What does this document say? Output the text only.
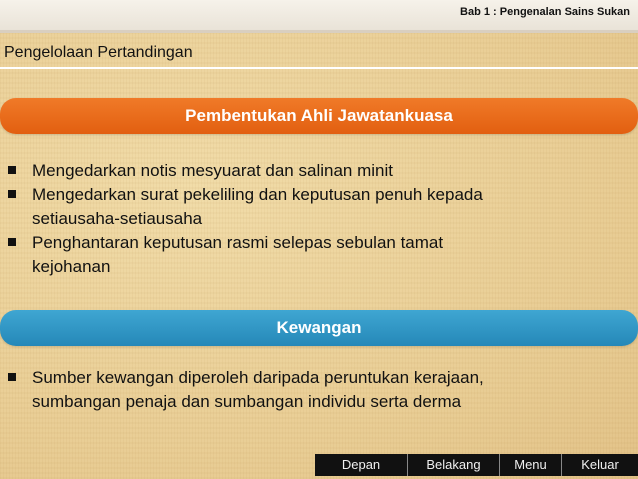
Bab 1 : Pengenalan Sains Sukan
Pengelolaan Pertandingan
Pembentukan Ahli Jawatankuasa
Mengedarkan notis mesyuarat dan salinan minit
Mengedarkan surat pekeliling dan keputusan penuh kepada
setiausaha-setiausaha
Penghantaran keputusan rasmi selepas sebulan tamat
kejohanan
Kewangan
Sumber kewangan diperoleh daripada peruntukan kerajaan,
sumbangan penaja dan sumbangan individu serta derma
Depan	Belakang	Menu	Keluar
